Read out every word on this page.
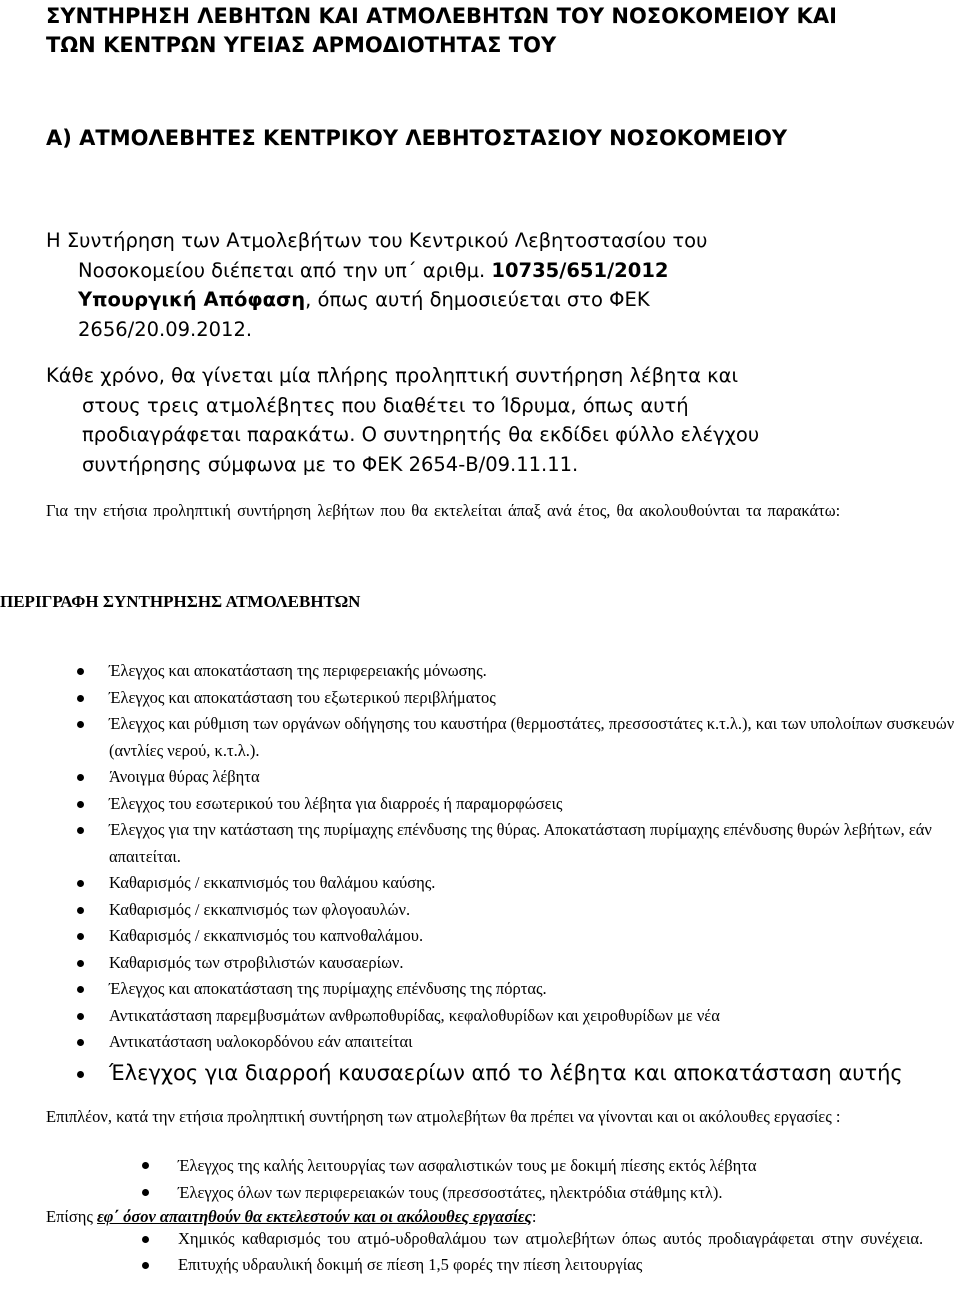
ΣΥΝΤΗΡΗΣΗ ΛΕΒΗΤΩΝ ΚΑΙ ΑΤΜΟΛΕΒΗΤΩΝ ΤΟΥ ΝΟΣΟΚΟΜΕΙΟΥ ΚΑΙ
ΤΩΝ ΚΕΝΤΡΩΝ ΥΓΕΙΑΣ ΑΡΜΟΔΙΟΤΗΤΑΣ ΤΟΥ
Α) ΑΤΜΟΛΕΒΗΤΕΣ ΚΕΝΤΡΙΚΟΥ ΛΕΒΗΤΟΣΤΑΣΙΟΥ ΝΟΣΟΚΟΜΕΙΟΥ

Η Συντήρηση των Ατμολεβήτων του Κεντρικού Λεβητοστασίου του
Νοσοκομείου διέπεται από την υπ΄ αριθμ. 10735/651/2012
Υπουργική Απόφαση, όπως αυτή δημοσιεύεται στο ΦΕΚ
2656/20.09.2012.

Κάθε χρόνο, θα γίνεται μία πλήρης προληπτική συντήρηση λέβητα και
στους τρεις ατμολέβητες που διαθέτει το Ίδρυμα, όπως αυτή
προδιαγράφεται παρακάτω. Ο συντηρητής θα εκδίδει φύλλο ελέγχου
συντήρησης σύμφωνα με το ΦΕΚ 2654-Β/09.11.11.

Για την ετήσια προληπτική συντήρηση λεβήτων που θα εκτελείται άπαξ ανά έτος, θα ακολουθούνται τα παρακάτω:

ΠΕΡΙΓΡΑΦΗ ΣΥΝΤΗΡΗΣΗΣ ΑΤΜΟΛΕΒΗΤΩΝ

Έλεγχος και αποκατάσταση της περιφερειακής μόνωσης.
Έλεγχος και αποκατάσταση του εξωτερικού περιβλήματος
Έλεγχος και ρύθμιση των οργάνων οδήγησης του καυστήρα (θερμοστάτες, πρεσσοστάτες κ.τ.λ.), και των υπολοίπων συσκευών (αντλίες νερού, κ.τ.λ.).
Άνοιγμα θύρας λέβητα
Έλεγχος του εσωτερικού του λέβητα για διαρροές ή παραμορφώσεις
Έλεγχος για την κατάσταση της πυρίμαχης επένδυσης της θύρας. Αποκατάσταση πυρίμαχης επένδυσης θυρών λεβήτων, εάν απαιτείται.
Καθαρισμός / εκκαπνισμός του θαλάμου καύσης.
Καθαρισμός / εκκαπνισμός των φλογοαυλών.
Καθαρισμός / εκκαπνισμός του καπνοθαλάμου.
Καθαρισμός των στροβιλιστών καυσαερίων.
Έλεγχος και αποκατάσταση της πυρίμαχης επένδυσης της πόρτας.
Αντικατάσταση παρεμβυσμάτων ανθρωποθυρίδας, κεφαλοθυρίδων και χειροθυρίδων με νέα
Αντικατάσταση υαλοκορδόνου εάν απαιτείται
Έλεγχος για διαρροή καυσαερίων από το λέβητα και αποκατάσταση αυτής

Επιπλέον, κατά την ετήσια προληπτική συντήρηση των ατμολεβήτων θα πρέπει να γίνονται και οι ακόλουθες εργασίες :

Έλεγχος της καλής λειτουργίας των ασφαλιστικών τους με δοκιμή πίεσης εκτός λέβητα
Έλεγχος όλων των περιφερειακών τους (πρεσσοστάτες, ηλεκτρόδια στάθμης κτλ).

Επίσης εφ΄ όσον απαιτηθούν θα εκτελεστούν και οι ακόλουθες εργασίες:

Χημικός καθαρισμός του ατμό-υδροθαλάμου των ατμολεβήτων όπως αυτός προδιαγράφεται στην συνέχεια.
Επιτυχής υδραυλική δοκιμή σε πίεση 1,5 φορές την πίεση λειτουργίας
